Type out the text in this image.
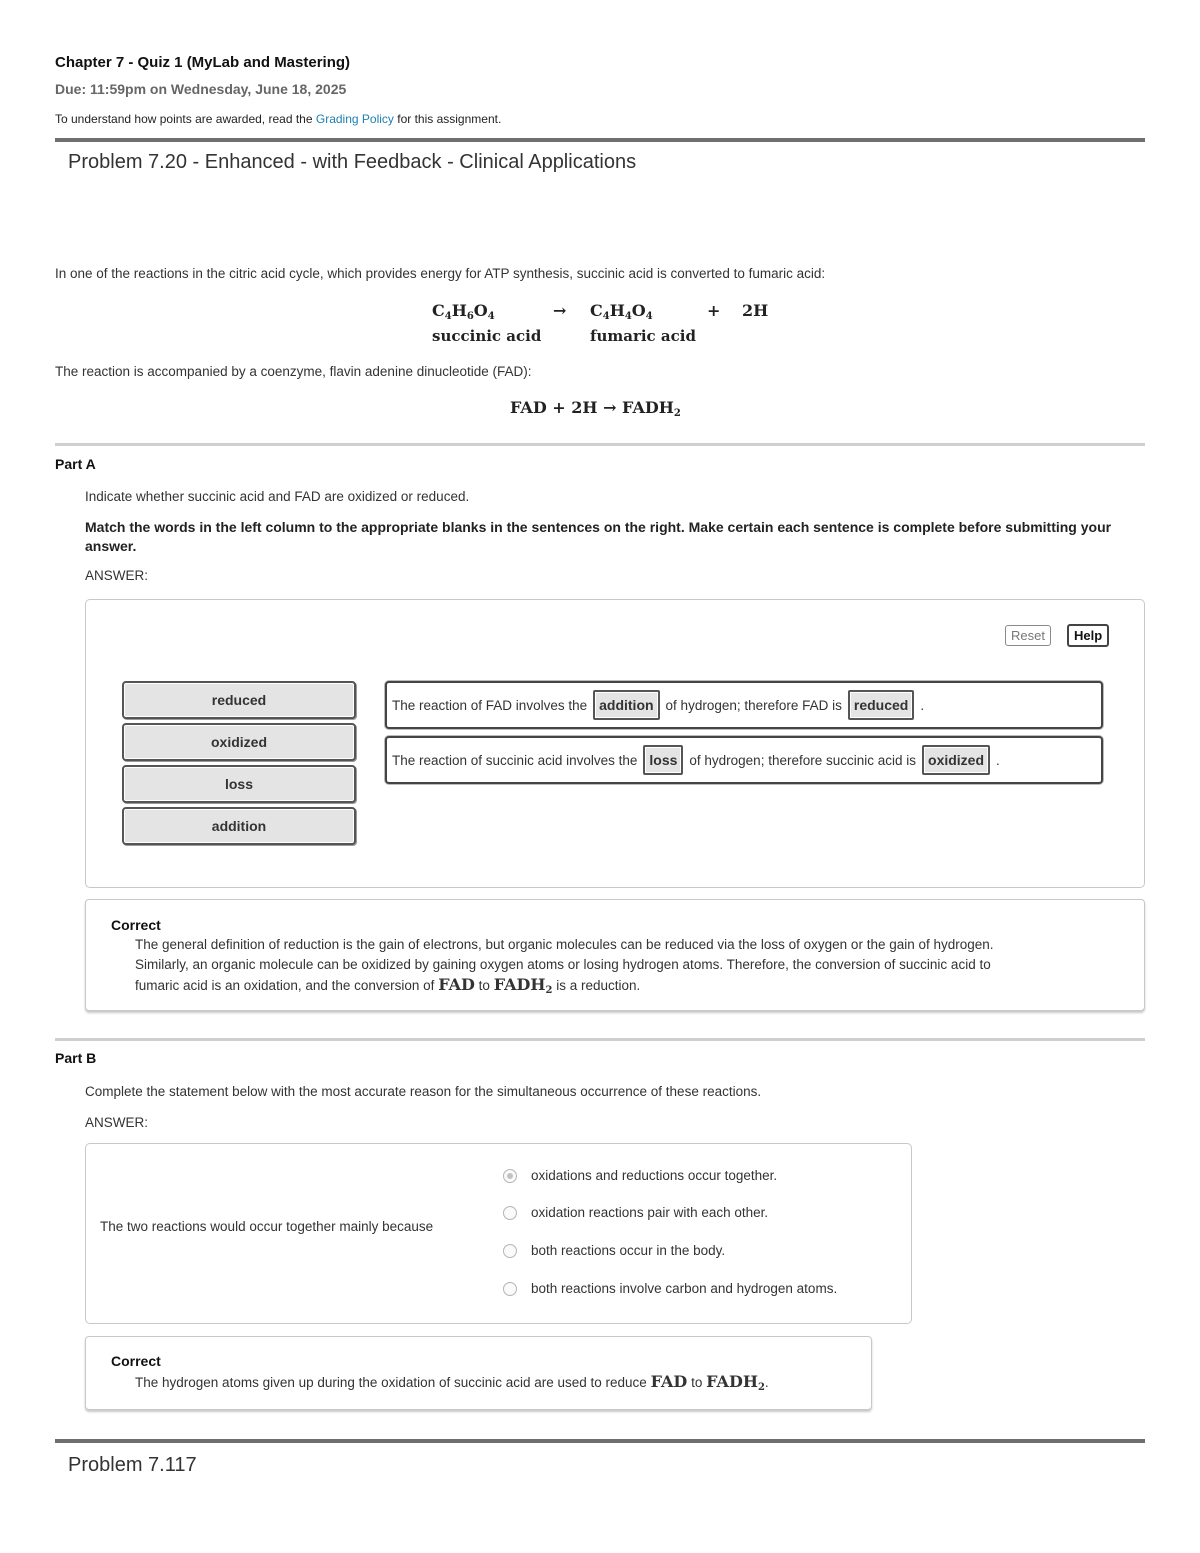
Chapter 7 - Quiz 1 (MyLab and Mastering)
Due: 11:59pm on Wednesday, June 18, 2025
To understand how points are awarded, read the Grading Policy for this assignment.
Problem 7.20 - Enhanced - with Feedback - Clinical Applications
In one of the reactions in the citric acid cycle, which provides energy for ATP synthesis, succinic acid is converted to fumaric acid:
$C_4H_6O_4$	→ $C_4H_4O_4$	+ 2H
succinic acid	fumaric acid
The reaction is accompanied by a coenzyme, flavin adenine dinucleotide (FAD):
FAD + $2H \to FADH_2$
Part A
Indicate whether succinic acid and FAD are oxidized or reduced.
Match the words in the left column to the appropriate blanks in the sentences on the right. Make certain each sentence is complete before submitting your answer.
ANSWER:
Reset	Help
reduced
oxidized
loss
addition
The reaction of FAD involves the addition of hydrogen; therefore FAD is reduced .
The reaction of succinic acid involves the loss of hydrogen; therefore succinic acid is oxidized .
Correct
The general definition of reduction is the gain of electrons, but organic molecules can be reduced via the loss of oxygen or the gain of hydrogen.
Similarly, an organic molecule can be oxidized by gaining oxygen atoms or losing hydrogen atoms. Therefore, the conversion of succinic acid to
fumaric acid is an oxidation, and the conversion of FAD to $FADH_2$ is a reduction.
Part B
Complete the statement below with the most accurate reason for the simultaneous occurrence of these reactions.
ANSWER:
The two reactions would occur together mainly because
oxidations and reductions occur together.
oxidation reactions pair with each other.
both reactions occur in the body.
both reactions involve carbon and hydrogen atoms.
Correct
The hydrogen atoms given up during the oxidation of succinic acid are used to reduce FAD to $FADH_2$.
Problem 7.117
